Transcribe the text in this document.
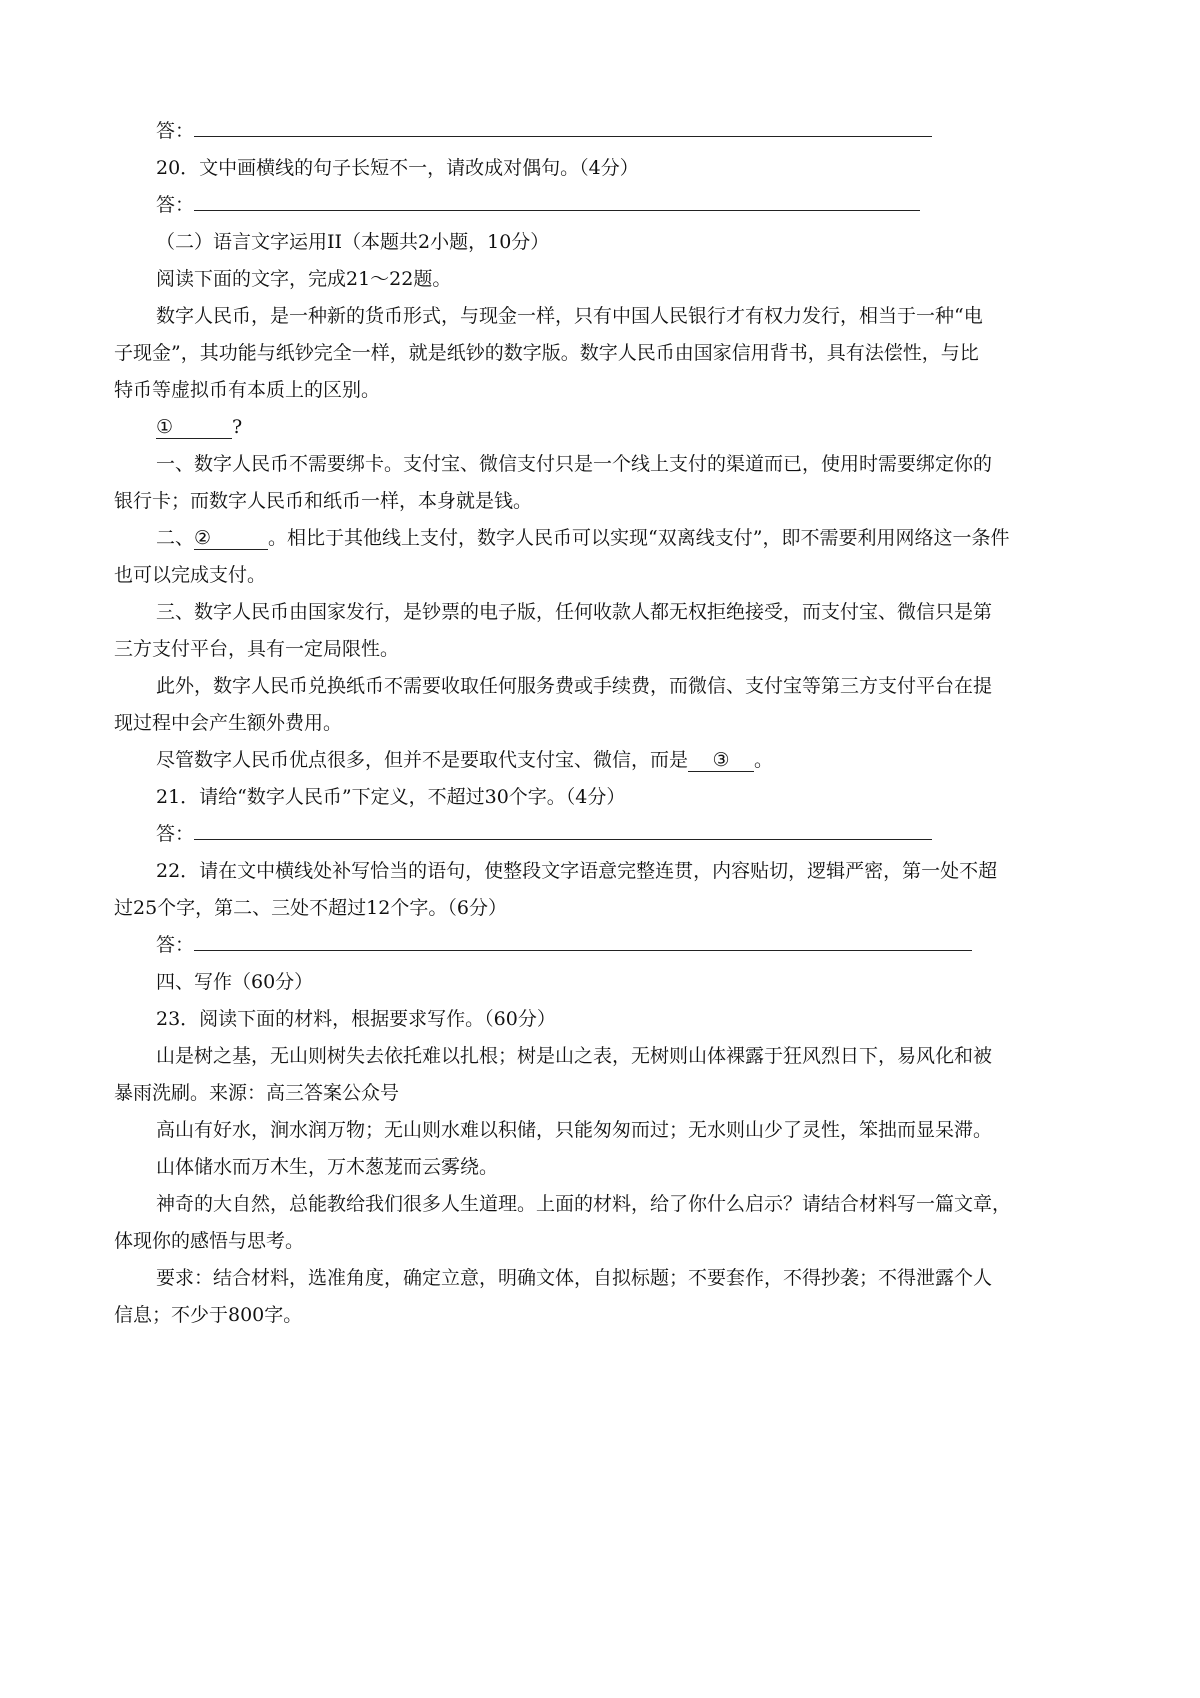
答：

20．文中画横线的句子长短不一，请改成对偶句。（4分）

答：

（二）语言文字运用II（本题共2小题，10分）

阅读下面的文字，完成21～22题。

数字人民币，是一种新的货币形式，与现金一样，只有中国人民银行才有权力发行，相当于一种“电

子现金”，其功能与纸钞完全一样，就是纸钞的数字版。数字人民币由国家信用背书，具有法偿性，与比

特币等虚拟币有本质上的区别。

①	?

一、数字人民币不需要绑卡。支付宝、微信支付只是一个线上支付的渠道而已，使用时需要绑定你的

银行卡；而数字人民币和纸币一样，本身就是钱。

二、②	。相比于其他线上支付，数字人民币可以实现“双离线支付”，即不需要利用网络这一条件

也可以完成支付。

三、数字人民币由国家发行，是钞票的电子版，任何收款人都无权拒绝接受，而支付宝、微信只是第

三方支付平台，具有一定局限性。

此外，数字人民币兑换纸币不需要收取任何服务费或手续费，而微信、支付宝等第三方支付平台在提

现过程中会产生额外费用。

尽管数字人民币优点很多，但并不是要取代支付宝、微信，而是 ③ 。

21．请给“数字人民币”下定义，不超过30个字。（4分）

答：

22．请在文中横线处补写恰当的语句，使整段文字语意完整连贯，内容贴切，逻辑严密，第一处不超

过25个字，第二、三处不超过12个字。（6分）

答：

四、写作（60分）

23．阅读下面的材料，根据要求写作。（60分）

山是树之基，无山则树失去依托难以扎根；树是山之表，无树则山体裸露于狂风烈日下，易风化和被

暴雨洗刷。来源：高三答案公众号

高山有好水，涧水润万物；无山则水难以积储，只能匆匆而过；无水则山少了灵性，笨拙而显呆滞。

山体储水而万木生，万木葱茏而云雾绕。

神奇的大自然，总能教给我们很多人生道理。上面的材料，给了你什么启示？请结合材料写一篇文章，

体现你的感悟与思考。

要求：结合材料，选准角度，确定立意，明确文体，自拟标题；不要套作，不得抄袭；不得泄露个人

信息；不少于800字。
